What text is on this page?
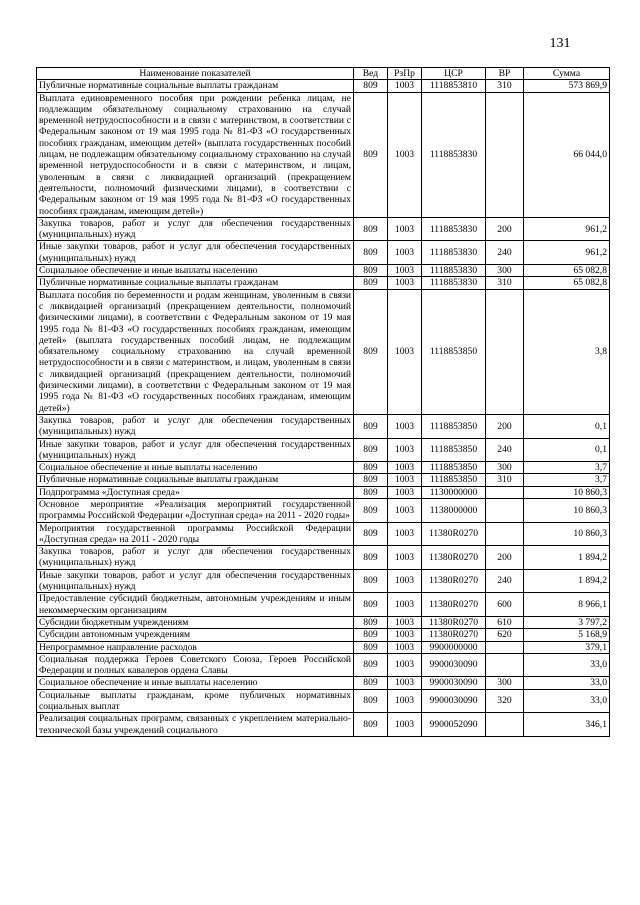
131
Наименование показателей	Вед	РзПр	ЦСР	ВР	Сумма
Публичные нормативные социальные выплаты гражданам	809	1003	1118853810	310	573 869,9
Выплата единовременного пособия при рождении ребенка лицам, не подлежащим обязательному социальному страхованию на случай временной нетрудоспособности и в связи с материнством, в соответствии с Федеральным законом от 19 мая 1995 года № 81-ФЗ «О государственных пособиях гражданам, имеющим детей» (выплата государственных пособий лицам, не подлежащим обязательному социальному страхованию на случай временной нетрудоспособности и в связи с материнством, и лицам, уволенным в связи с ликвидацией организаций (прекращением деятельности, полномочий физическими лицами), в соответствии с Федеральным законом от 19 мая 1995 года № 81-ФЗ «О государственных пособиях гражданам, имеющим детей»)	809	1003	1118853830		66 044,0
Закупка товаров, работ и услуг для обеспечения государственных (муниципальных) нужд	809	1003	1118853830	200	961,2
Иные закупки товаров, работ и услуг для обеспечения государственных (муниципальных) нужд	809	1003	1118853830	240	961,2
Социальное обеспечение и иные выплаты населению	809	1003	1118853830	300	65 082,8
Публичные нормативные социальные выплаты гражданам	809	1003	1118853830	310	65 082,8
Выплата пособия по беременности и родам женщинам, уволенным в связи с ликвидацией организаций (прекращением деятельности, полномочий физическими лицами), в соответствии с Федеральным законом от 19 мая 1995 года № 81-ФЗ «О государственных пособиях гражданам, имеющим детей» (выплата государственных пособий лицам, не подлежащим обязательному социальному страхованию на случай временной нетрудоспособности и в связи с материнством, и лицам, уволенным в связи с ликвидацией организаций (прекращением деятельности, полномочий физическими лицами), в соответствии с Федеральным законом от 19 мая 1995 года № 81-ФЗ «О государственных пособиях гражданам, имеющим детей»)	809	1003	1118853850		3,8
Закупка товаров, работ и услуг для обеспечения государственных (муниципальных) нужд	809	1003	1118853850	200	0,1
Иные закупки товаров, работ и услуг для обеспечения государственных (муниципальных) нужд	809	1003	1118853850	240	0,1
Социальное обеспечение и иные выплаты населению	809	1003	1118853850	300	3,7
Публичные нормативные социальные выплаты гражданам	809	1003	1118853850	310	3,7
Подпрограмма «Доступная среда»	809	1003	1130000000		10 860,3
Основное мероприятие «Реализация мероприятий государственной программы Российской Федерации «Доступная среда» на 2011 - 2020 годы»	809	1003	1138000000		10 860,3
Мероприятия государственной программы Российской Федерации «Доступная среда» на 2011 - 2020 годы	809	1003	11380R0270		10 860,3
Закупка товаров, работ и услуг для обеспечения государственных (муниципальных) нужд	809	1003	11380R0270	200	1 894,2
Иные закупки товаров, работ и услуг для обеспечения государственных (муниципальных) нужд	809	1003	11380R0270	240	1 894,2
Предоставление субсидий бюджетным, автономным учреждениям и иным некоммерческим организациям	809	1003	11380R0270	600	8 966,1
Субсидии бюджетным учреждениям	809	1003	11380R0270	610	3 797,2
Субсидии автономным учреждениям	809	1003	11380R0270	620	5 168,9
Непрограммное направление расходов	809	1003	9900000000		379,1
Социальная поддержка Героев Советского Союза, Героев Российской Федерации и полных кавалеров ордена Славы	809	1003	9900030090		33,0
Социальное обеспечение и иные выплаты населению	809	1003	9900030090	300	33,0
Социальные выплаты гражданам, кроме публичных нормативных социальных выплат	809	1003	9900030090	320	33,0
Реализация социальных программ, связанных с укреплением материально-технической базы учреждений социального	809	1003	9900052090		346,1
